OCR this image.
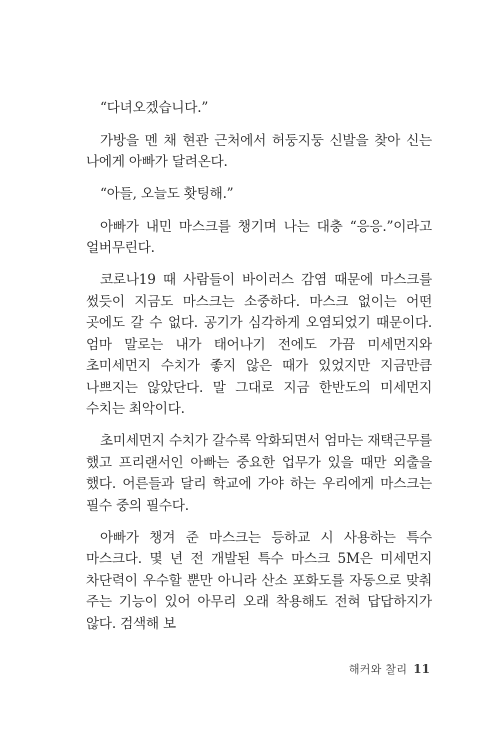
“다녀오겠습니다.”

가방을 멘 채 현관 근처에서 허둥지둥 신발을 찾아 신는 나에게 아빠가 달려온다.

“아들, 오늘도 홧팅해.”

아빠가 내민 마스크를 챙기며 나는 대충 “응응.”이라고 얼버무린다.

코로나19 때 사람들이 바이러스 감염 때문에 마스크를 썼듯이 지금도 마스크는 소중하다. 마스크 없이는 어떤 곳에도 갈 수 없다. 공기가 심각하게 오염되었기 때문이다. 엄마 말로는 내가 태어나기 전에도 가끔 미세먼지와 초미세먼지 수치가 좋지 않은 때가 있었지만 지금만큼 나쁘지는 않았단다. 말 그대로 지금 한반도의 미세먼지 수치는 최악이다.

초미세먼지 수치가 갈수록 악화되면서 엄마는 재택근무를 했고 프리랜서인 아빠는 중요한 업무가 있을 때만 외출을 했다. 어른들과 달리 학교에 가야 하는 우리에게 마스크는 필수 중의 필수다.

아빠가 챙겨 준 마스크는 등하교 시 사용하는 특수 마스크다. 몇 년 전 개발된 특수 마스크 5M은 미세먼지 차단력이 우수할 뿐만 아니라 산소 포화도를 자동으로 맞춰 주는 기능이 있어 아무리 오래 착용해도 전혀 답답하지가 않다. 검색해 보

해커와 찰리 11
